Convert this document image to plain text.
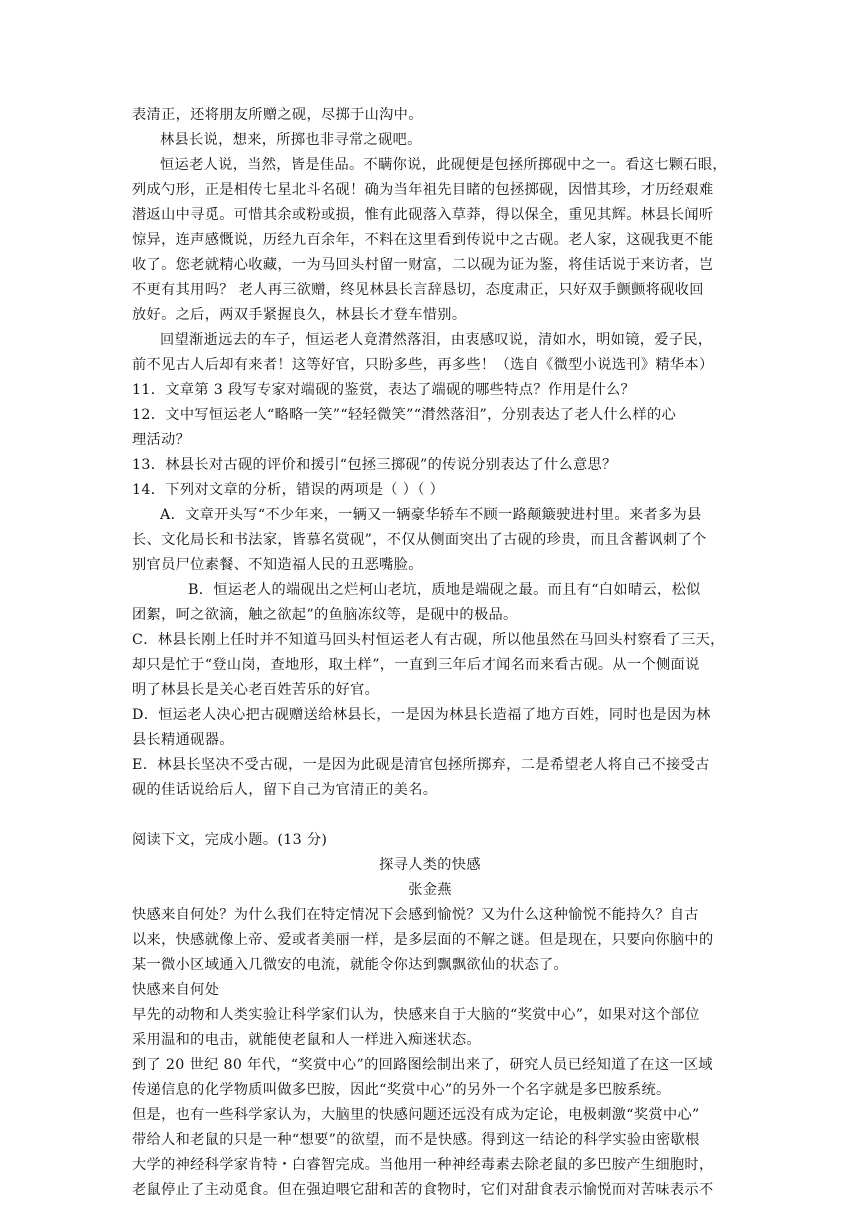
表清正，还将朋友所赠之砚，尽掷于山沟中。
林县长说，想来，所掷也非寻常之砚吧。
恒运老人说，当然，皆是佳品。不瞒你说，此砚便是包拯所掷砚中之一。看这七颗石眼，
列成勺形，正是相传七星北斗名砚！确为当年祖先目睹的包拯掷砚，因惜其珍，才历经艰难
潜返山中寻觅。可惜其余或粉或损，惟有此砚落入草莽，得以保全，重见其辉。林县长闻听
惊异，连声感慨说，历经九百余年，不料在这里看到传说中之古砚。老人家，这砚我更不能
收了。您老就精心收藏，一为马回头村留一财富，二以砚为证为鉴，将佳话说于来访者，岂
不更有其用吗？ 老人再三欲赠，终见林县长言辞恳切，态度肃正，只好双手颤颤将砚收回
放好。之后，两双手紧握良久，林县长才登车惜别。
回望渐逝远去的车子，恒运老人竟潸然落泪，由衷感叹说，清如水，明如镜，爱子民，
前不见古人后却有来者！这等好官，只盼多些，再多些！（选自《微型小说选刊》精华本）
11．文章第 3 段写专家对端砚的鉴赏，表达了端砚的哪些特点？作用是什么？
12．文中写恒运老人“略略一笑”“轻轻微笑”“潸然落泪”，分别表达了老人什么样的心
理活动？
13．林县长对古砚的评价和援引“包拯三掷砚”的传说分别表达了什么意思？
14．下列对文章的分析，错误的两项是（ ）（ ）
A．文章开头写“不少年来，一辆又一辆豪华轿车不顾一路颠簸驶进村里。来者多为县
长、文化局长和书法家，皆慕名赏砚”，不仅从侧面突出了古砚的珍贵，而且含蓄讽刺了个
别官员尸位素餐、不知造福人民的丑恶嘴脸。
B．恒运老人的端砚出之烂柯山老坑，质地是端砚之最。而且有“白如晴云，松似
团絮，呵之欲滴，触之欲起”的鱼脑冻纹等，是砚中的极品。
C．林县长刚上任时并不知道马回头村恒运老人有古砚，所以他虽然在马回头村察看了三天，
却只是忙于“登山岗，查地形，取土样”，一直到三年后才闻名而来看古砚。从一个侧面说
明了林县长是关心老百姓苦乐的好官。
D．恒运老人决心把古砚赠送给林县长，一是因为林县长造福了地方百姓，同时也是因为林
县长精通砚器。
E．林县长坚决不受古砚，一是因为此砚是清官包拯所掷弃，二是希望老人将自己不接受古
砚的佳话说给后人，留下自己为官清正的美名。
阅读下文，完成小题。(13 分)
探寻人类的快感
张金燕
快感来自何处？为什么我们在特定情况下会感到愉悦？又为什么这种愉悦不能持久？自古
以来，快感就像上帝、爱或者美丽一样，是多层面的不解之谜。但是现在，只要向你脑中的
某一微小区域通入几微安的电流，就能令你达到飘飘欲仙的状态了。
快感来自何处
早先的动物和人类实验让科学家们认为，快感来自于大脑的“奖赏中心”，如果对这个部位
采用温和的电击，就能使老鼠和人一样进入痴迷状态。
到了 20 世纪 80 年代，“奖赏中心”的回路图绘制出来了，研究人员已经知道了在这一区域
传递信息的化学物质叫做多巴胺，因此“奖赏中心”的另外一个名字就是多巴胺系统。
但是，也有一些科学家认为，大脑里的快感问题还远没有成为定论，电极刺激“奖赏中心”
带给人和老鼠的只是一种“想要”的欲望，而不是快感。得到这一结论的科学实验由密歇根
大学的神经科学家肯特・白睿智完成。当他用一种神经毒素去除老鼠的多巴胺产生细胞时，
老鼠停止了主动觅食。但在强迫喂它甜和苦的食物时，它们对甜食表示愉悦而对苦味表示不
